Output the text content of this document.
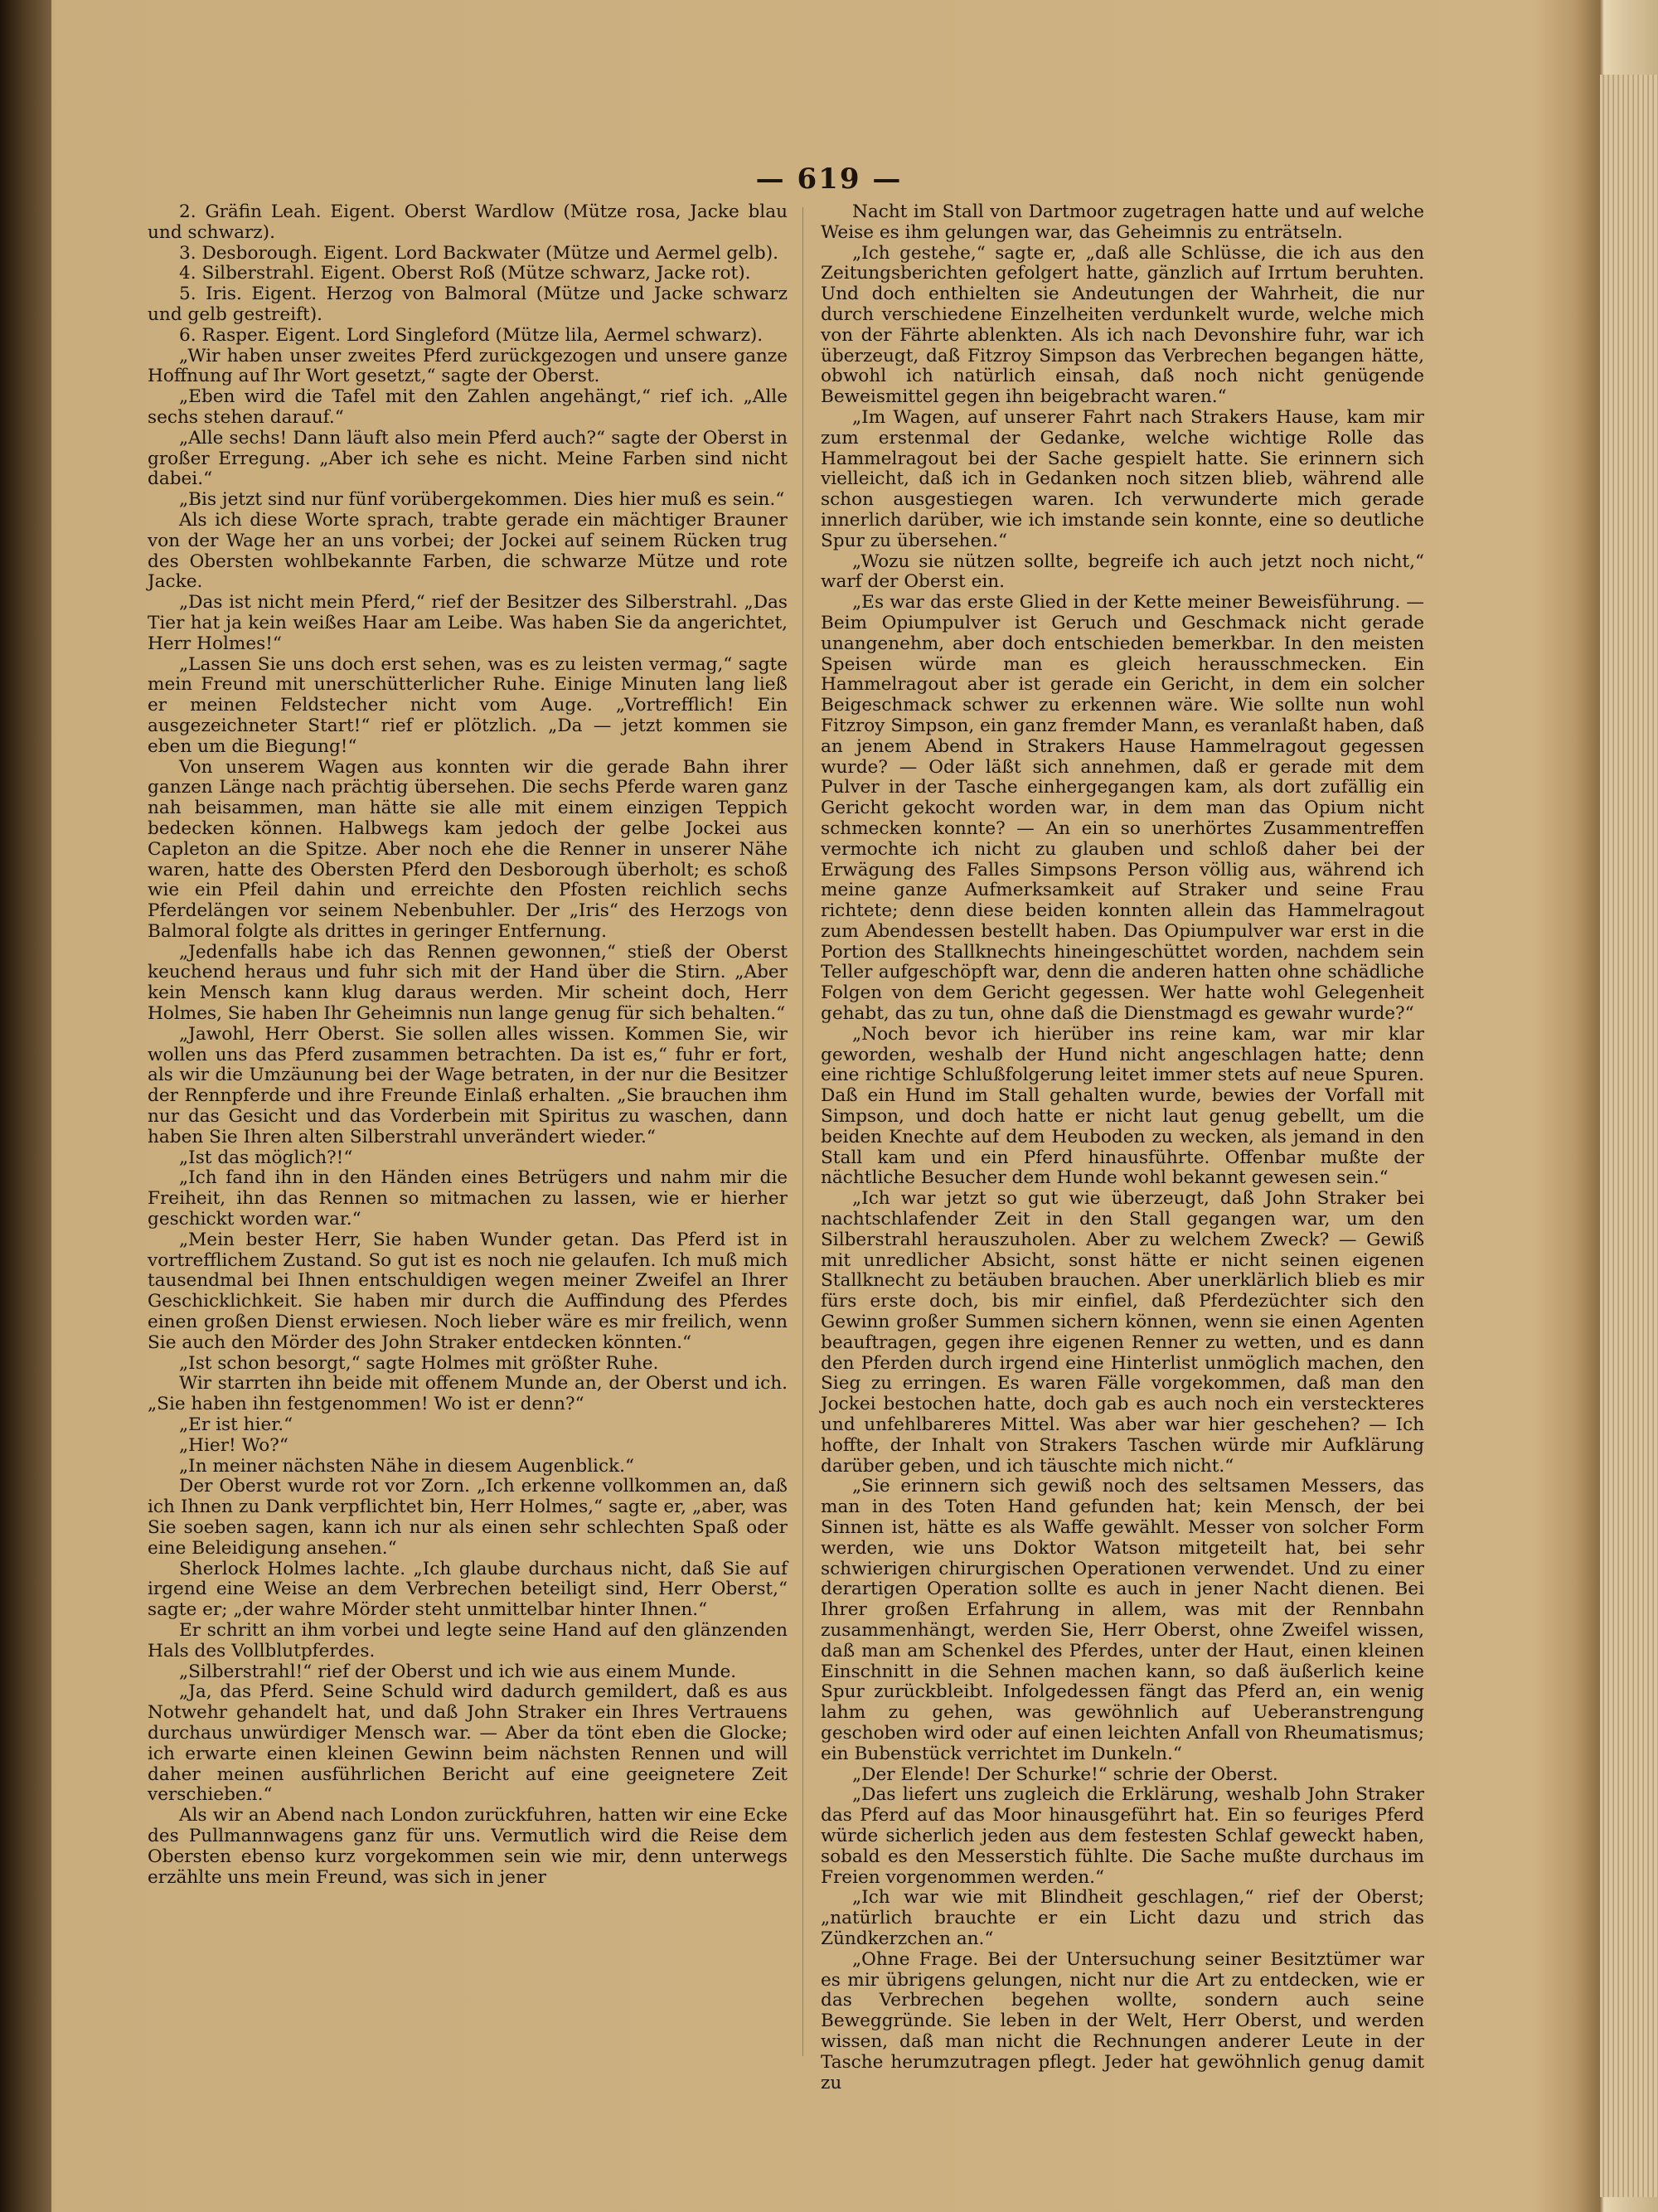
— 619 —

2. Gräfin Leah. Eigent. Oberst Wardlow (Mütze rosa, Jacke blau und schwarz).

3. Desborough. Eigent. Lord Backwater (Mütze und Aermel gelb).

4. Silberstrahl. Eigent. Oberst Roß (Mütze schwarz, Jacke rot).

5. Iris. Eigent. Herzog von Balmoral (Mütze und Jacke schwarz und gelb gestreift).

6. Rasper. Eigent. Lord Singleford (Mütze lila, Aermel schwarz).

„Wir haben unser zweites Pferd zurückgezogen und unsere ganze Hoffnung auf Ihr Wort gesetzt,“ sagte der Oberst.

„Eben wird die Tafel mit den Zahlen angehängt,“ rief ich. „Alle sechs stehen darauf.“

„Alle sechs! Dann läuft also mein Pferd auch?“ sagte der Oberst in großer Erregung. „Aber ich sehe es nicht. Meine Farben sind nicht dabei.“

„Bis jetzt sind nur fünf vorübergekommen. Dies hier muß es sein.“

Als ich diese Worte sprach, trabte gerade ein mächtiger Brauner von der Wage her an uns vorbei; der Jockei auf seinem Rücken trug des Obersten wohlbekannte Farben, die schwarze Mütze und rote Jacke.

„Das ist nicht mein Pferd,“ rief der Besitzer des Silberstrahl. „Das Tier hat ja kein weißes Haar am Leibe. Was haben Sie da angerichtet, Herr Holmes!“

„Lassen Sie uns doch erst sehen, was es zu leisten vermag,“ sagte mein Freund mit unerschütterlicher Ruhe. Einige Minuten lang ließ er meinen Feldstecher nicht vom Auge. „Vortrefflich! Ein ausgezeichneter Start!“ rief er plötzlich. „Da — jetzt kommen sie eben um die Biegung!“

Von unserem Wagen aus konnten wir die gerade Bahn ihrer ganzen Länge nach prächtig übersehen. Die sechs Pferde waren ganz nah beisammen, man hätte sie alle mit einem einzigen Teppich bedecken können. Halbwegs kam jedoch der gelbe Jockei aus Capleton an die Spitze. Aber noch ehe die Renner in unserer Nähe waren, hatte des Obersten Pferd den Desborough überholt; es schoß wie ein Pfeil dahin und erreichte den Pfosten reichlich sechs Pferdelängen vor seinem Nebenbuhler. Der „Iris“ des Herzogs von Balmoral folgte als drittes in geringer Entfernung.

„Jedenfalls habe ich das Rennen gewonnen,“ stieß der Oberst keuchend heraus und fuhr sich mit der Hand über die Stirn. „Aber kein Mensch kann klug daraus werden. Mir scheint doch, Herr Holmes, Sie haben Ihr Geheimnis nun lange genug für sich behalten.“

„Jawohl, Herr Oberst. Sie sollen alles wissen. Kommen Sie, wir wollen uns das Pferd zusammen betrachten. Da ist es,“ fuhr er fort, als wir die Umzäunung bei der Wage betraten, in der nur die Besitzer der Rennpferde und ihre Freunde Einlaß erhalten. „Sie brauchen ihm nur das Gesicht und das Vorderbein mit Spiritus zu waschen, dann haben Sie Ihren alten Silberstrahl unverändert wieder.“

„Ist das möglich?!“

„Ich fand ihn in den Händen eines Betrügers und nahm mir die Freiheit, ihn das Rennen so mitmachen zu lassen, wie er hierher geschickt worden war.“

„Mein bester Herr, Sie haben Wunder getan. Das Pferd ist in vortrefflichem Zustand. So gut ist es noch nie gelaufen. Ich muß mich tausendmal bei Ihnen entschuldigen wegen meiner Zweifel an Ihrer Geschicklichkeit. Sie haben mir durch die Auffindung des Pferdes einen großen Dienst erwiesen. Noch lieber wäre es mir freilich, wenn Sie auch den Mörder des John Straker entdecken könnten.“

„Ist schon besorgt,“ sagte Holmes mit größter Ruhe.

Wir starrten ihn beide mit offenem Munde an, der Oberst und ich. „Sie haben ihn festgenommen! Wo ist er denn?“

„Er ist hier.“

„Hier! Wo?“

„In meiner nächsten Nähe in diesem Augenblick.“

Der Oberst wurde rot vor Zorn. „Ich erkenne vollkommen an, daß ich Ihnen zu Dank verpflichtet bin, Herr Holmes,“ sagte er, „aber, was Sie soeben sagen, kann ich nur als einen sehr schlechten Spaß oder eine Beleidigung ansehen.“

Sherlock Holmes lachte. „Ich glaube durchaus nicht, daß Sie auf irgend eine Weise an dem Verbrechen beteiligt sind, Herr Oberst,“ sagte er; „der wahre Mörder steht unmittelbar hinter Ihnen.“

Er schritt an ihm vorbei und legte seine Hand auf den glänzenden Hals des Vollblutpferdes.

„Silberstrahl!“ rief der Oberst und ich wie aus einem Munde.

„Ja, das Pferd. Seine Schuld wird dadurch gemildert, daß es aus Notwehr gehandelt hat, und daß John Straker ein Ihres Vertrauens durchaus unwürdiger Mensch war. — Aber da tönt eben die Glocke; ich erwarte einen kleinen Gewinn beim nächsten Rennen und will daher meinen ausführlichen Bericht auf eine geeignetere Zeit verschieben.“

Als wir an Abend nach London zurückfuhren, hatten wir eine Ecke des Pullmannwagens ganz für uns. Vermutlich wird die Reise dem Obersten ebenso kurz vorgekommen sein wie mir, denn unterwegs erzählte uns mein Freund, was sich in jener

Nacht im Stall von Dartmoor zugetragen hatte und auf welche Weise es ihm gelungen war, das Geheimnis zu enträtseln.

„Ich gestehe,“ sagte er, „daß alle Schlüsse, die ich aus den Zeitungsberichten gefolgert hatte, gänzlich auf Irrtum beruhten. Und doch enthielten sie Andeutungen der Wahrheit, die nur durch verschiedene Einzelheiten verdunkelt wurde, welche mich von der Fährte ablenkten. Als ich nach Devonshire fuhr, war ich überzeugt, daß Fitzroy Simpson das Verbrechen begangen hätte, obwohl ich natürlich einsah, daß noch nicht genügende Beweismittel gegen ihn beigebracht waren.“

„Im Wagen, auf unserer Fahrt nach Strakers Hause, kam mir zum erstenmal der Gedanke, welche wichtige Rolle das Hammelragout bei der Sache gespielt hatte. Sie erinnern sich vielleicht, daß ich in Gedanken noch sitzen blieb, während alle schon ausgestiegen waren. Ich verwunderte mich gerade innerlich darüber, wie ich imstande sein konnte, eine so deutliche Spur zu übersehen.“

„Wozu sie nützen sollte, begreife ich auch jetzt noch nicht,“ warf der Oberst ein.

„Es war das erste Glied in der Kette meiner Beweisführung. — Beim Opiumpulver ist Geruch und Geschmack nicht gerade unangenehm, aber doch entschieden bemerkbar. In den meisten Speisen würde man es gleich herausschmecken. Ein Hammelragout aber ist gerade ein Gericht, in dem ein solcher Beigeschmack schwer zu erkennen wäre. Wie sollte nun wohl Fitzroy Simpson, ein ganz fremder Mann, es veranlaßt haben, daß an jenem Abend in Strakers Hause Hammelragout gegessen wurde? — Oder läßt sich annehmen, daß er gerade mit dem Pulver in der Tasche einhergegangen kam, als dort zufällig ein Gericht gekocht worden war, in dem man das Opium nicht schmecken konnte? — An ein so unerhörtes Zusammentreffen vermochte ich nicht zu glauben und schloß daher bei der Erwägung des Falles Simpsons Person völlig aus, während ich meine ganze Aufmerksamkeit auf Straker und seine Frau richtete; denn diese beiden konnten allein das Hammelragout zum Abendessen bestellt haben. Das Opiumpulver war erst in die Portion des Stallknechts hineingeschüttet worden, nachdem sein Teller aufgeschöpft war, denn die anderen hatten ohne schädliche Folgen von dem Gericht gegessen. Wer hatte wohl Gelegenheit gehabt, das zu tun, ohne daß die Dienstmagd es gewahr wurde?“

„Noch bevor ich hierüber ins reine kam, war mir klar geworden, weshalb der Hund nicht angeschlagen hatte; denn eine richtige Schlußfolgerung leitet immer stets auf neue Spuren. Daß ein Hund im Stall gehalten wurde, bewies der Vorfall mit Simpson, und doch hatte er nicht laut genug gebellt, um die beiden Knechte auf dem Heuboden zu wecken, als jemand in den Stall kam und ein Pferd hinausführte. Offenbar mußte der nächtliche Besucher dem Hunde wohl bekannt gewesen sein.“

„Ich war jetzt so gut wie überzeugt, daß John Straker bei nachtschlafender Zeit in den Stall gegangen war, um den Silberstrahl herauszuholen. Aber zu welchem Zweck? — Gewiß mit unredlicher Absicht, sonst hätte er nicht seinen eigenen Stallknecht zu betäuben brauchen. Aber unerklärlich blieb es mir fürs erste doch, bis mir einfiel, daß Pferdezüchter sich den Gewinn großer Summen sichern können, wenn sie einen Agenten beauftragen, gegen ihre eigenen Renner zu wetten, und es dann den Pferden durch irgend eine Hinterlist unmöglich machen, den Sieg zu erringen. Es waren Fälle vorgekommen, daß man den Jockei bestochen hatte, doch gab es auch noch ein versteckteres und unfehlbareres Mittel. Was aber war hier geschehen? — Ich hoffte, der Inhalt von Strakers Taschen würde mir Aufklärung darüber geben, und ich täuschte mich nicht.“

„Sie erinnern sich gewiß noch des seltsamen Messers, das man in des Toten Hand gefunden hat; kein Mensch, der bei Sinnen ist, hätte es als Waffe gewählt. Messer von solcher Form werden, wie uns Doktor Watson mitgeteilt hat, bei sehr schwierigen chirurgischen Operationen verwendet. Und zu einer derartigen Operation sollte es auch in jener Nacht dienen. Bei Ihrer großen Erfahrung in allem, was mit der Rennbahn zusammenhängt, werden Sie, Herr Oberst, ohne Zweifel wissen, daß man am Schenkel des Pferdes, unter der Haut, einen kleinen Einschnitt in die Sehnen machen kann, so daß äußerlich keine Spur zurückbleibt. Infolgedessen fängt das Pferd an, ein wenig lahm zu gehen, was gewöhnlich auf Ueberanstrengung geschoben wird oder auf einen leichten Anfall von Rheumatismus; ein Bubenstück verrichtet im Dunkeln.“

„Der Elende! Der Schurke!“ schrie der Oberst.

„Das liefert uns zugleich die Erklärung, weshalb John Straker das Pferd auf das Moor hinausgeführt hat. Ein so feuriges Pferd würde sicherlich jeden aus dem festesten Schlaf geweckt haben, sobald es den Messerstich fühlte. Die Sache mußte durchaus im Freien vorgenommen werden.“

„Ich war wie mit Blindheit geschlagen,“ rief der Oberst; „natürlich brauchte er ein Licht dazu und strich das Zündkerzchen an.“

„Ohne Frage. Bei der Untersuchung seiner Besitztümer war es mir übrigens gelungen, nicht nur die Art zu entdecken, wie er das Verbrechen begehen wollte, sondern auch seine Beweggründe. Sie leben in der Welt, Herr Oberst, und werden wissen, daß man nicht die Rechnungen anderer Leute in der Tasche herumzutragen pflegt. Jeder hat gewöhnlich genug damit zu
